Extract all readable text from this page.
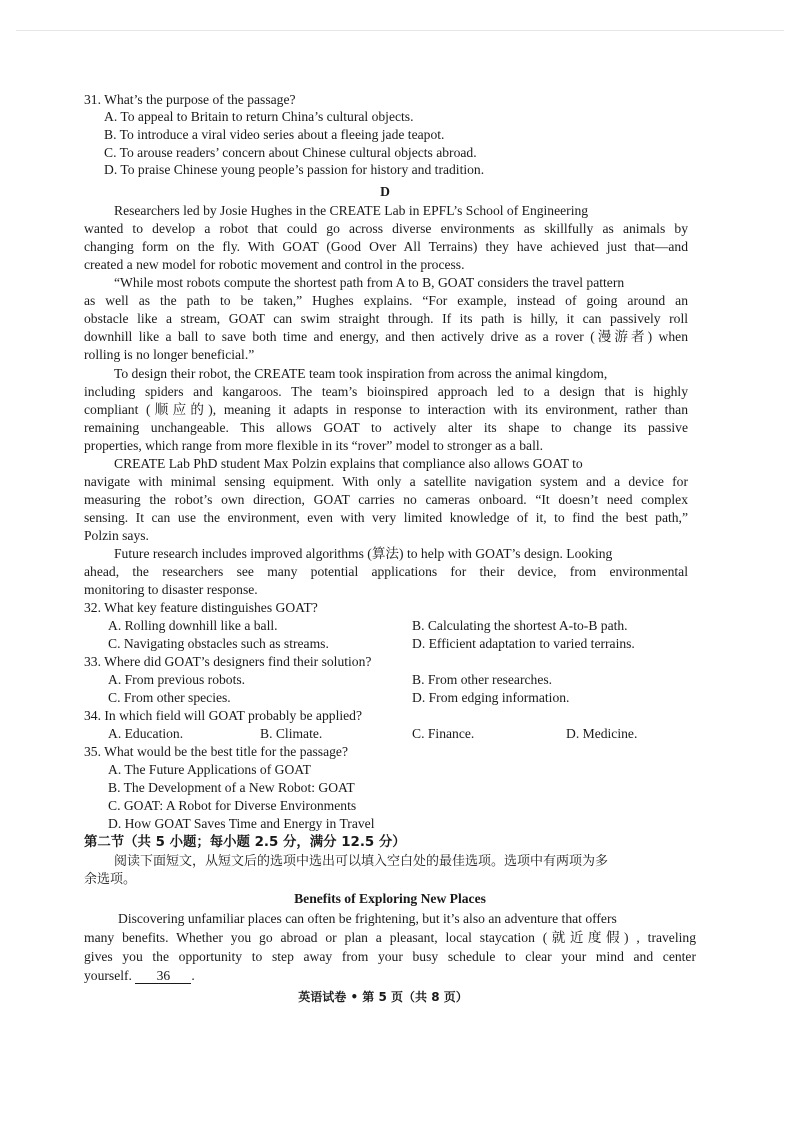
31. What’s the purpose of the passage?
A. To appeal to Britain to return China’s cultural objects.
B. To introduce a viral video series about a fleeing jade teapot.
C. To arouse readers’ concern about Chinese cultural objects abroad.
D. To praise Chinese young people’s passion for history and tradition.
D
Researchers led by Josie Hughes in the CREATE Lab in EPFL’s School of Engineering
wanted to develop a robot that could go across diverse environments as skillfully as animals by
changing form on the fly. With GOAT (Good Over All Terrains) they have achieved just that—and
created a new model for robotic movement and control in the process.
“While most robots compute the shortest path from A to B, GOAT considers the travel pattern
as well as the path to be taken,” Hughes explains. “For example, instead of going around an
obstacle like a stream, GOAT can swim straight through. If its path is hilly, it can passively roll
downhill like a ball to save both time and energy, and then actively drive as a rover (漫游者) when
rolling is no longer beneficial.”
To design their robot, the CREATE team took inspiration from across the animal kingdom,
including spiders and kangaroos. The team’s bioinspired approach led to a design that is highly
compliant (顺应的), meaning it adapts in response to interaction with its environment, rather than
remaining unchangeable. This allows GOAT to actively alter its shape to change its passive
properties, which range from more flexible in its “rover” model to stronger as a ball.
CREATE Lab PhD student Max Polzin explains that compliance also allows GOAT to
navigate with minimal sensing equipment. With only a satellite navigation system and a device for
measuring the robot’s own direction, GOAT carries no cameras onboard. “It doesn’t need complex
sensing. It can use the environment, even with very limited knowledge of it, to find the best path,”
Polzin says.
Future research includes improved algorithms (算法) to help with GOAT’s design. Looking
ahead, the researchers see many potential applications for their device, from environmental
monitoring to disaster response.
32. What key feature distinguishes GOAT?
A. Rolling downhill like a ball.	B. Calculating the shortest A-to-B path.
C. Navigating obstacles such as streams.	D. Efficient adaptation to varied terrains.
33. Where did GOAT’s designers find their solution?
A. From previous robots.	B. From other researches.
C. From other species.	D. From edging information.
34. In which field will GOAT probably be applied?
A. Education.	B. Climate.	C. Finance.	D. Medicine.
35. What would be the best title for the passage?
A. The Future Applications of GOAT
B. The Development of a New Robot: GOAT
C. GOAT: A Robot for Diverse Environments
D. How GOAT Saves Time and Energy in Travel
第二节（共 5 小题；每小题 2.5 分，满分 12.5 分）
阅读下面短文，从短文后的选项中选出可以填入空白处的最佳选项。选项中有两项为多
余选项。
Benefits of Exploring New Places
Discovering unfamiliar places can often be frightening, but it’s also an adventure that offers
many benefits. Whether you go abroad or plan a pleasant, local staycation (就近度假) , traveling
gives you the opportunity to step away from your busy schedule to clear your mind and center
yourself. 36 .
英语试卷 • 第 5 页（共 8 页）
